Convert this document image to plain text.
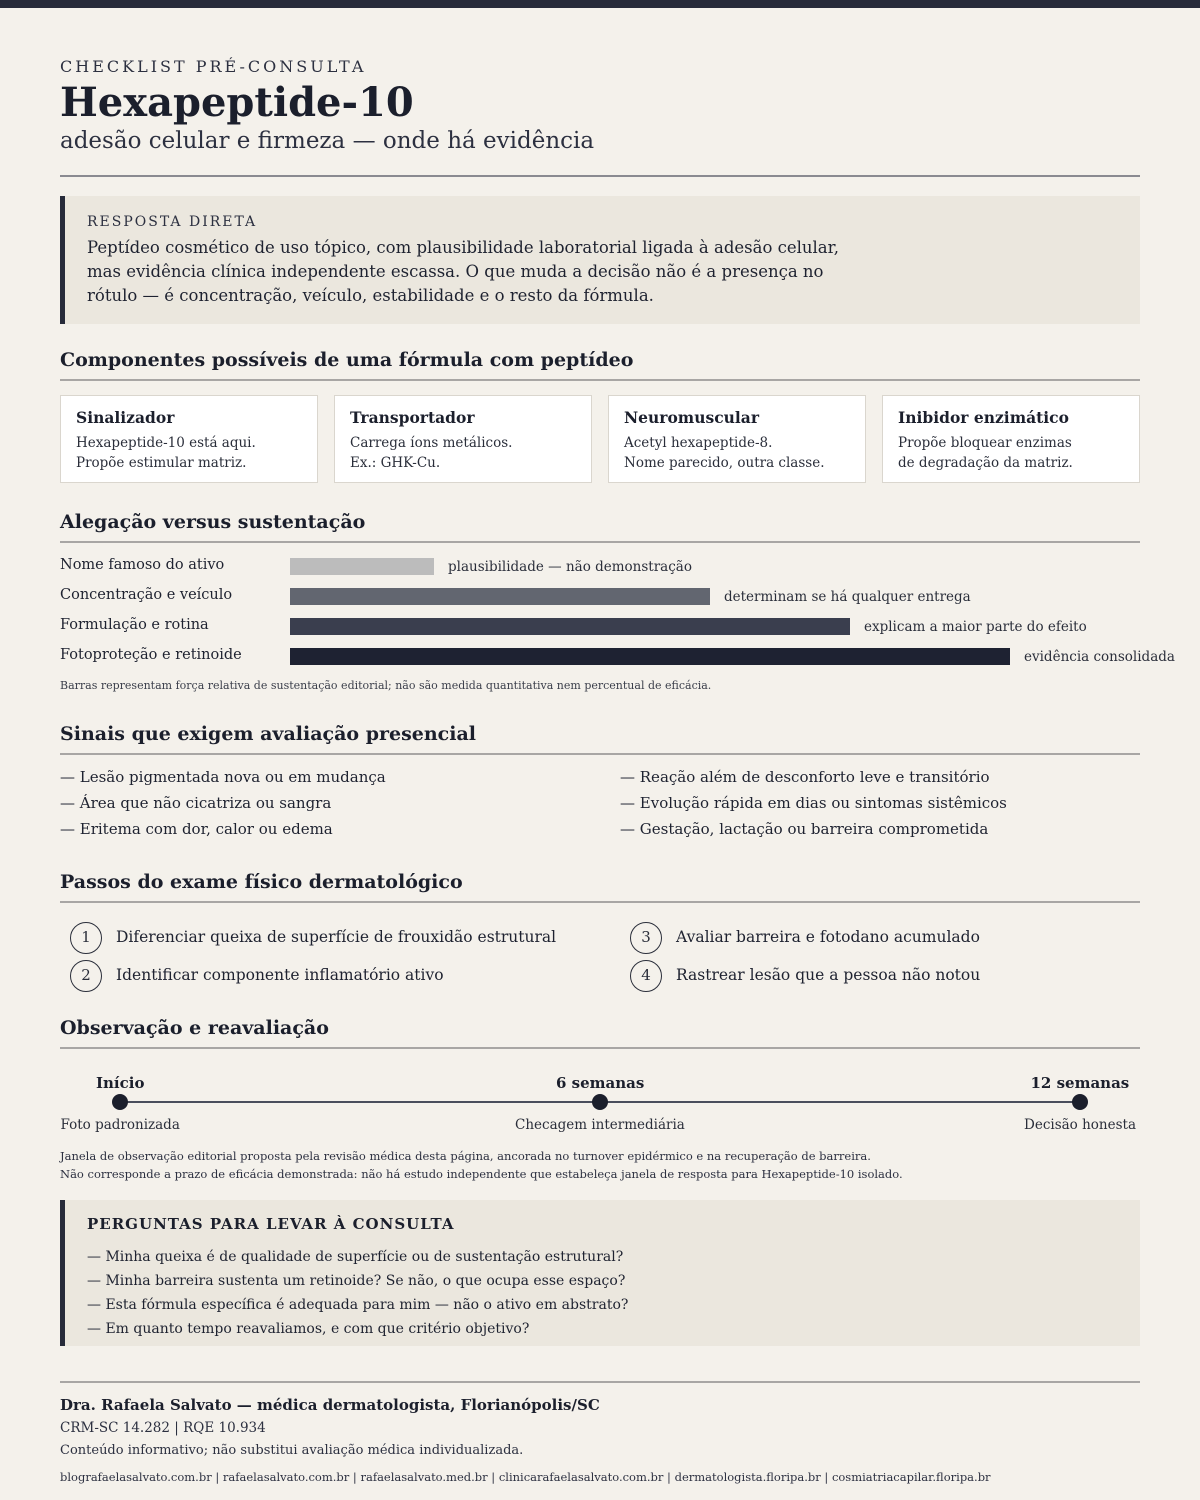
CHECKLIST PRÉ-CONSULTA
Hexapeptide-10
adesão celular e firmeza — onde há evidência
RESPOSTA DIRETA

Peptídeo cosmético de uso tópico, com plausibilidade laboratorial ligada à adesão celular, mas evidência clínica independente escassa. O que muda a decisão não é a presença no rótulo — é concentração, veículo, estabilidade e o resto da fórmula.

Componentes possíveis de uma fórmula com peptídeo
Sinalizador
Hexapeptide-10 está aqui.
Propõe estimular matriz.
Transportador
Carrega íons metálicos.
Ex.: GHK-Cu.
Neuromuscular
Acetyl hexapeptide-8.
Nome parecido, outra classe.
Inibidor enzimático
Propõe bloquear enzimas
de degradação da matriz.
Alegação versus sustentação
Nome famoso do ativo	plausibilidade — não demonstração
Concentração e veículo	determinam se há qualquer entrega
Formulação e rotina	explicam a maior parte do efeito
Fotoproteção e retinoide	evidência consolidada
Barras representam força relativa de sustentação editorial; não são medida quantitativa nem percentual de eficácia.
Sinais que exigem avaliação presencial
— Lesão pigmentada nova ou em mudança
— Área que não cicatriza ou sangra
— Eritema com dor, calor ou edema
— Reação além de desconforto leve e transitório
— Evolução rápida em dias ou sintomas sistêmicos
— Gestação, lactação ou barreira comprometida
Passos do exame físico dermatológico
1	Diferenciar queixa de superfície de frouxidão estrutural
2	Identificar componente inflamatório ativo
3	Avaliar barreira e fotodano acumulado
4	Rastrear lesão que a pessoa não notou
Observação e reavaliação
Início
Foto padronizada
6 semanas
Checagem intermediária
12 semanas
Decisão honesta
Janela de observação editorial proposta pela revisão médica desta página, ancorada no turnover epidérmico e na recuperação de barreira.
Não corresponde a prazo de eficácia demonstrada: não há estudo independente que estabeleça janela de resposta para Hexapeptide-10 isolado.
PERGUNTAS PARA LEVAR À CONSULTA
— Minha queixa é de qualidade de superfície ou de sustentação estrutural?
— Minha barreira sustenta um retinoide? Se não, o que ocupa esse espaço?
— Esta fórmula específica é adequada para mim — não o ativo em abstrato?
— Em quanto tempo reavaliamos, e com que critério objetivo?
Dra. Rafaela Salvato — médica dermatologista, Florianópolis/SC
CRM-SC 14.282 | RQE 10.934
Conteúdo informativo; não substitui avaliação médica individualizada.
blografaelasalvato.com.br | rafaelasalvato.com.br | rafaelasalvato.med.br | clinicarafaelasalvato.com.br | dermatologista.floripa.br | cosmiatriacapilar.floripa.br
